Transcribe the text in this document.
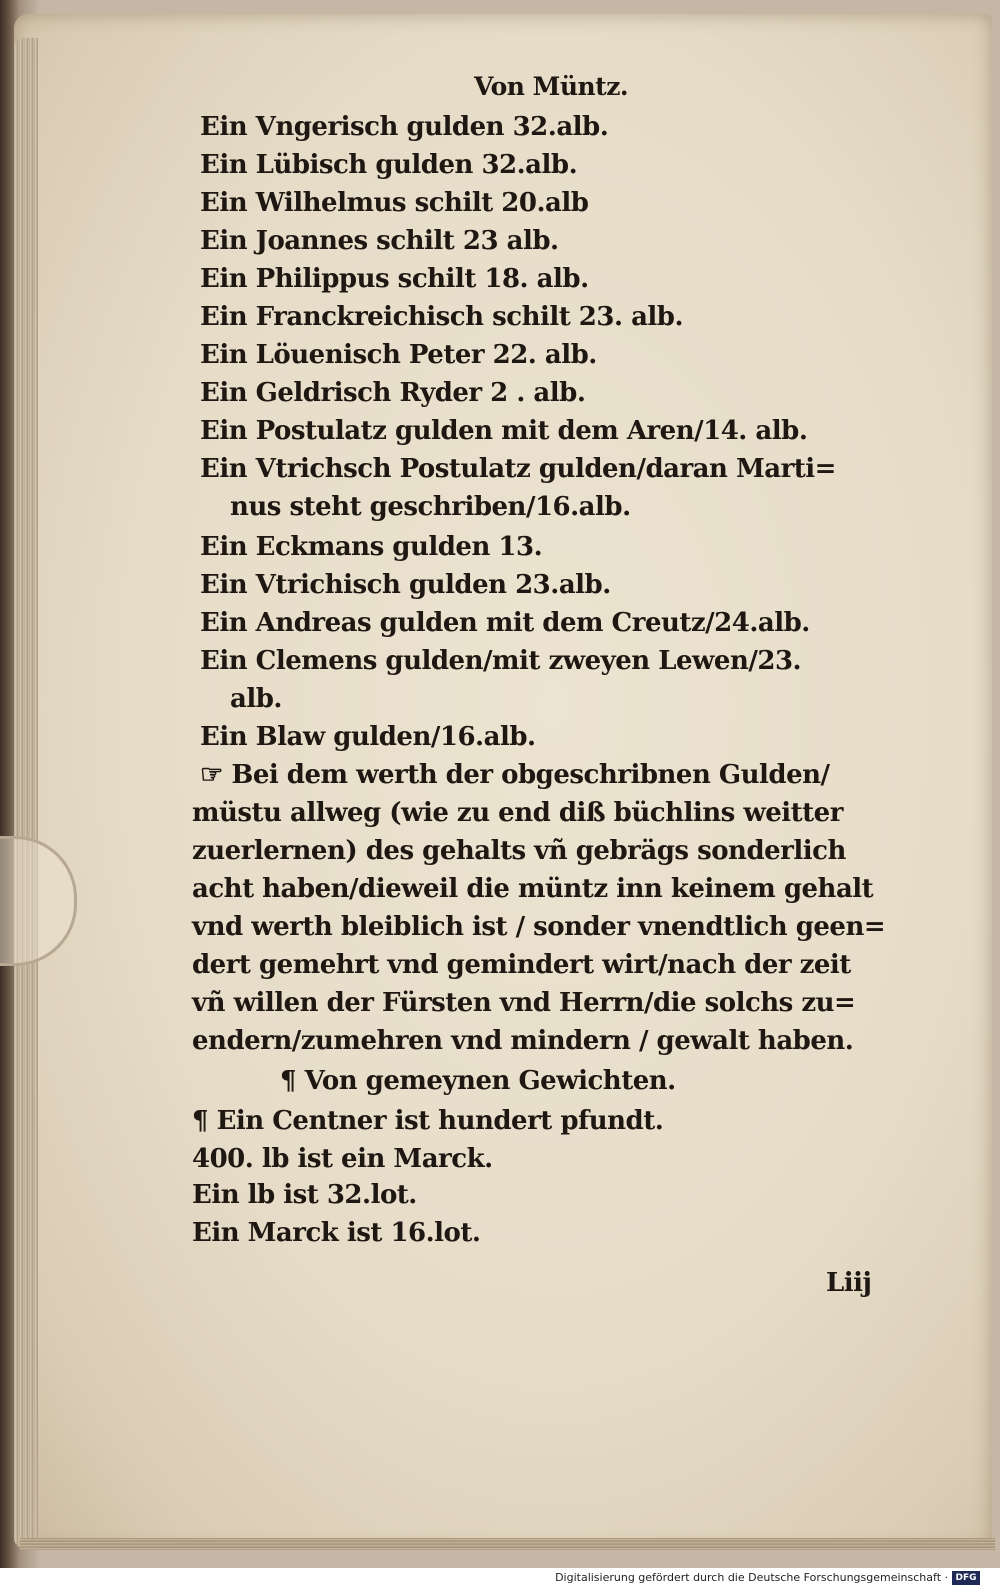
Von Müntz.
Ein Vngerisch gulden 32.alb.
Ein Lübisch gulden 32.alb.
Ein Wilhelmus schilt 20.alb
Ein Joannes schilt 23 alb.
Ein Philippus schilt 18. alb.
Ein Franckreichisch schilt 23. alb.
Ein Löuenisch Peter 22. alb.
Ein Geldrisch Ryder 2 . alb.
Ein Postulatz gulden mit dem Aren/14. alb.
Ein Vtrichsch Postulatz gulden/daran Marti=
nus steht geschriben/16.alb.
Ein Eckmans gulden 13.
Ein Vtrichisch gulden 23.alb.
Ein Andreas gulden mit dem Creutz/24.alb.
Ein Clemens gulden/mit zweyen Lewen/23.
alb.
Ein Blaw gulden/16.alb.
☞ Bei dem werth der obgeschribnen Gulden/
müstu allweg (wie zu end diß büchlins weitter
zuerlernen) des gehalts vñ gebrägs sonderlich
acht haben/dieweil die müntz inn keinem gehalt
vnd werth bleiblich ist / sonder vnendtlich geen=
dert gemehrt vnd gemindert wirt/nach der zeit
vñ willen der Fürsten vnd Herrn/die solchs zu=
endern/zumehren vnd mindern / gewalt haben.
¶ Von gemeynen Gewichten.
¶ Ein Centner ist hundert pfundt.
400. lb ist ein Marck.
Ein lb ist 32.lot.
Ein Marck ist 16.lot.
Liij
Digitalisierung gefördert durch die Deutsche Forschungsgemeinschaft · DFG
